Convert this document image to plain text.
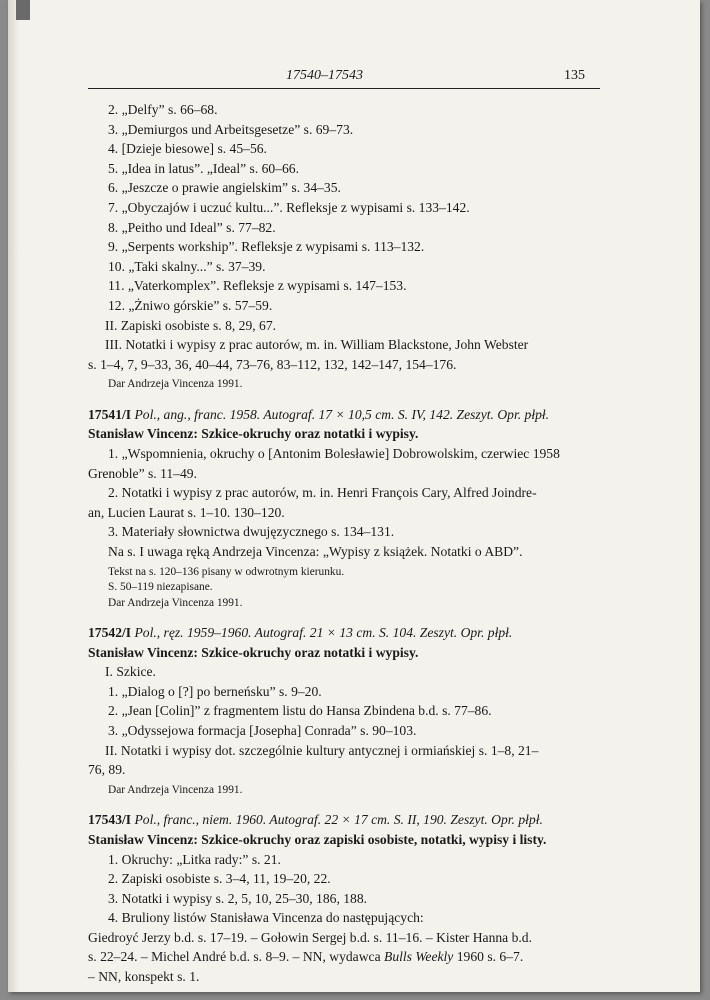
17540–17543	135
2. „Delfy” s. 66–68.
3. „Demiurgos und Arbeitsgesetze” s. 69–73.
4. [Dzieje biesowe] s. 45–56.
5. „Idea in latus”. „Ideal” s. 60–66.
6. „Jeszcze o prawie angielskim” s. 34–35.
7. „Obyczajów i uczuć kultu...”. Refleksje z wypisami s. 133–142.
8. „Peitho und Ideal” s. 77–82.
9. „Serpents workship”. Refleksje z wypisami s. 113–132.
10. „Taki skalny...” s. 37–39.
11. „Vaterkomplex”. Refleksje z wypisami s. 147–153.
12. „Żniwo górskie” s. 57–59.
II. Zapiski osobiste s. 8, 29, 67.
III. Notatki i wypisy z prac autorów, m. in. William Blackstone, John Webster
s. 1–4, 7, 9–33, 36, 40–44, 73–76, 83–112, 132, 142–147, 154–176.
Dar Andrzeja Vincenza 1991.
17541/I Pol., ang., franc. 1958. Autograf. 17 × 10,5 cm. S. IV, 142. Zeszyt. Opr. płpł.
Stanisław Vincenz: Szkice-okruchy oraz notatki i wypisy.
1. „Wspomnienia, okruchy o [Antonim Bolesławie] Dobrowolskim, czerwiec 1958
Grenoble” s. 11–49.
2. Notatki i wypisy z prac autorów, m. in. Henri François Cary, Alfred Joindre-
an, Lucien Laurat s. 1–10. 130–120.
3. Materiały słownictwa dwujęzycznego s. 134–131.
Na s. I uwaga ręką Andrzeja Vincenza: „Wypisy z książek. Notatki o ABD”.
Tekst na s. 120–136 pisany w odwrotnym kierunku.
S. 50–119 niezapisane.
Dar Andrzeja Vincenza 1991.
17542/I Pol., ręz. 1959–1960. Autograf. 21 × 13 cm. S. 104. Zeszyt. Opr. płpł.
Stanisław Vincenz: Szkice-okruchy oraz notatki i wypisy.
I. Szkice.
1. „Dialog o [?] po berneńsku” s. 9–20.
2. „Jean [Colin]” z fragmentem listu do Hansa Zbindena b.d. s. 77–86.
3. „Odyssejowa formacja [Josepha] Conrada” s. 90–103.
II. Notatki i wypisy dot. szczególnie kultury antycznej i ormiańskiej s. 1–8, 21–
76, 89.
Dar Andrzeja Vincenza 1991.
17543/I Pol., franc., niem. 1960. Autograf. 22 × 17 cm. S. II, 190. Zeszyt. Opr. płpł.
Stanisław Vincenz: Szkice-okruchy oraz zapiski osobiste, notatki, wypisy i listy.
1. Okruchy: „Litka rady:” s. 21.
2. Zapiski osobiste s. 3–4, 11, 19–20, 22.
3. Notatki i wypisy s. 2, 5, 10, 25–30, 186, 188.
4. Bruliony listów Stanisława Vincenza do następujących:
Giedroyć Jerzy b.d. s. 17–19. – Gołowin Sergej b.d. s. 11–16. – Kister Hanna b.d.
s. 22–24. – Michel André b.d. s. 8–9. – NN, wydawca Bulls Weekly 1960 s. 6–7.
– NN, konspekt s. 1.
